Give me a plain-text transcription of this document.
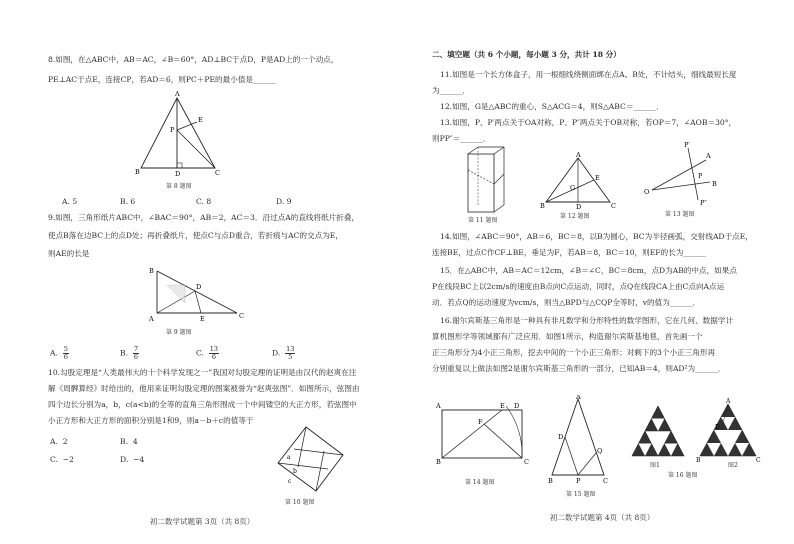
8.如图，在△ABC中，AB＝AC，∠B＝60°，AD⊥BC于点D，P是AD上的一个动点，
PE⊥AC于点E，连接CP，若AD＝6，则PC＋PE的最小值是______
A
B	C
D
E
P
第 8 题图
A. 5	B. 6	C. 8	D. 9
9.如图，三角形纸片ABC中，∠BAC＝90°，AB＝2，AC＝3．沿过点A的直线将纸片折叠，
使点B落在边BC上的点D处；再折叠纸片，使点C与点D重合，若折痕与AC的交点为E，
则AE的长是
B
A	C
D
E
第 9 题图
A. $\frac{5}{6}$	B. $\frac{7}{6}$	C. $\frac{13}{6}$	D. $\frac{13}{5}$
10.勾股定理是“人类最伟大的十个科学发现之一”我国对勾股定理的证明是由汉代的赵爽在注
解《周髀算经》时给出的，他用来证明勾股定理的图案被誉为“赵爽弦图”．如图所示，弦图由
四个边长分别为a，b，c(a<b)的全等的直角三角形围成一个中间镂空的大正方形，若弦图中
小正方形和大正方形的面积分别是1和9，则a－b＋c的值等于
A. 2	B. 4
C. −2	D. −4	a
b
c
第 10 题图
初二数学试题第 3页（共 8页）
二、填空题（共 6 个小题，每小题 3 分，共计 18 分）
11.如图是一个长方体盒子，用一根细线绕侧面绑在点A、B处，不计结头，细线最短长度
为______．
12.如图，G是△ABC的重心，S△ACG＝4，则S△ABC＝______．
13.如图，P、P′两点关于OA对称，P、P″两点关于OB对称，若OP＝7，∠AOB＝30°，
则PP″＝______．
第 11 题图
A
B	C
D
E
G
第 12 题图
O
A
B
P
P′
P″
第 13 题图
14.如图，∠ABC＝90°，AB＝6，BC＝8，以B为圆心，BC为半径画弧，交射线AD于点E，
连接BE，过点C作CF⊥BE，垂足为F，若AB＝8，BC＝10，则EF的长为______
15．在△ABC中，AB＝AC＝12cm，∠B＝∠C，BC＝8cm，点D为AB的中点，如果点
P在线段BC上以2cm/s的速度由B点向C点运动，同时，点Q在线段CA上由C点向A点运
动．若点Q的运动速度为vcm/s，则当△BPD与△CQP全等时，v的值为______．
16.谢尔宾斯基三角形是一种具有非凡数学和分形特性的数学图形，它在几何、数据学计
算机图形学等领域都有广泛应用．如图1所示，构造谢尔宾斯基地毯，首先画一个
正三角形分为4小正三角形，挖去中间的一个小正三角形；对剩下的3个小正三角形再
分别重复以上做法如图2是谢尔宾斯基三角形的一部分，已知AB＝4，则AD²为______．
A
B	C
D
E
F
第 14 题图
A
B	C
D
P
Q
第 15 题图
图1
A
B	C
D
图2
第 16 题图
初二数学试题第 4页（共 8页）
